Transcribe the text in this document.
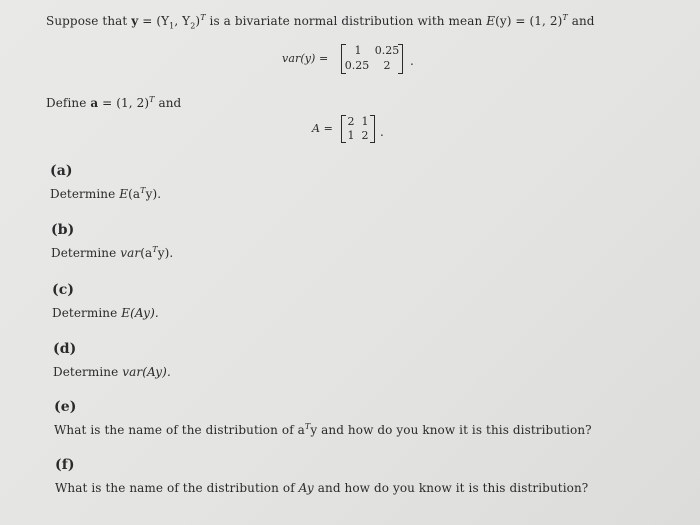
Suppose that $y = (Y_1$, $Y_2)^T$ is a bivariate normal distribution with mean E(y) = (1, 2)$^T$ and
var(y) =
1	0.25
0.25	2	.
Define a = (1, 2)$^T$ and
A =
2 1
1 2 .
(a)
Determine $E(a^Ty)$.
(b)
Determine $var(a^Ty)$.
(c)
Determine E(Ay).
(d)
Determine var(Ay).
(e)
What is the name of the distribution of $a^Ty$ and how do you know it is this distribution?
(f)
What is the name of the distribution of Ay and how do you know it is this distribution?
